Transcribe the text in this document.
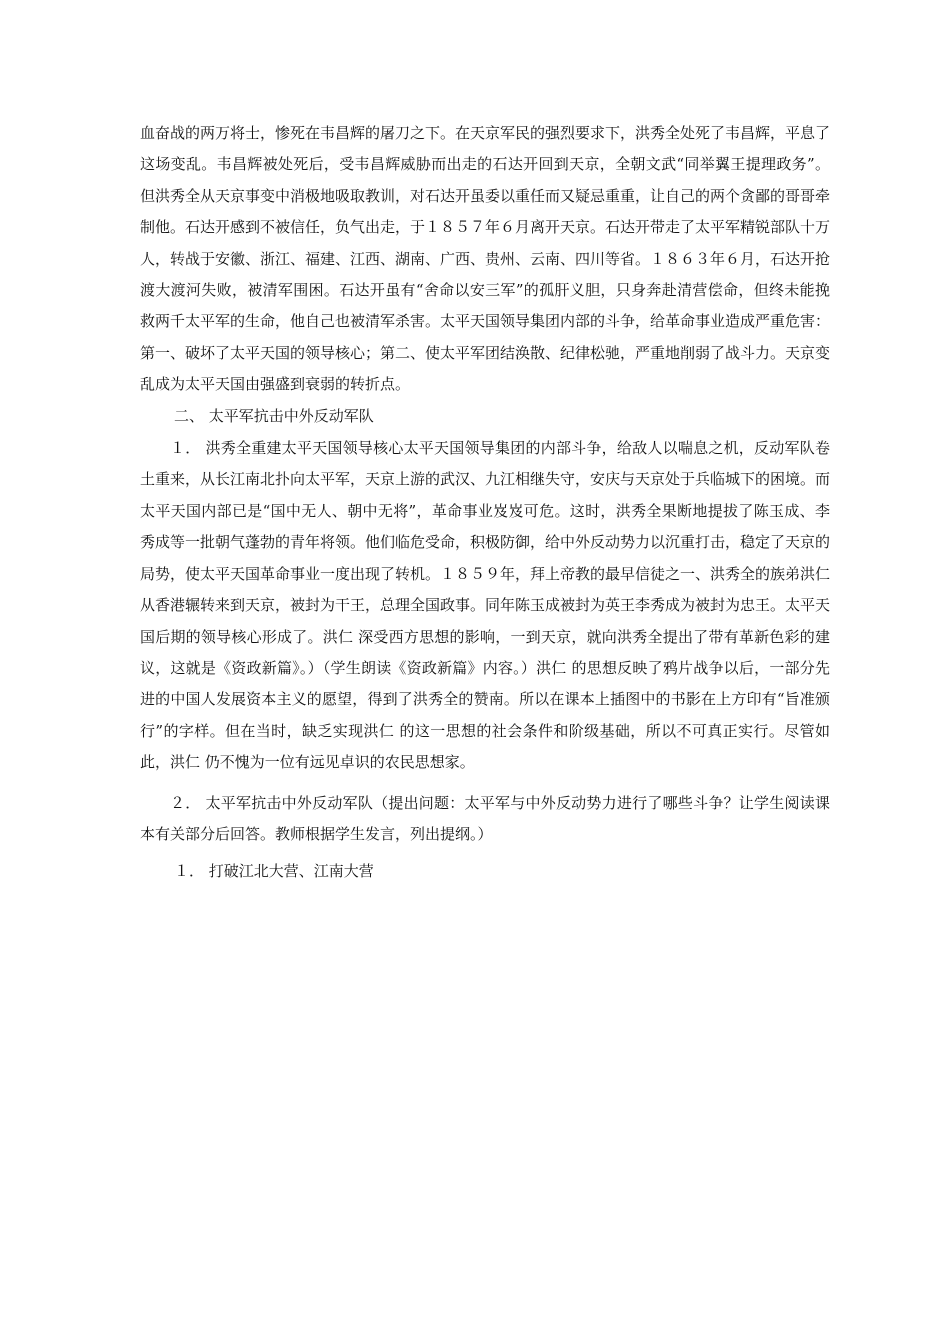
血奋战的两万将士，惨死在韦昌辉的屠刀之下。在天京军民的强烈要求下，洪秀全处死了韦昌辉，平息了这场变乱。韦昌辉被处死后，受韦昌辉威胁而出走的石达开回到天京，全朝文武“同举翼王提理政务”。但洪秀全从天京事变中消极地吸取教训，对石达开虽委以重任而又疑忌重重，让自己的两个贪鄙的哥哥牵制他。石达开感到不被信任，负气出走，于１８５７年６月离开天京。石达开带走了太平军精锐部队十万人，转战于安徽、浙江、福建、江西、湖南、广西、贵州、云南、四川等省。１８６３年６月，石达开抢渡大渡河失败，被清军围困。石达开虽有“舍命以安三军”的孤肝义胆，只身奔赴清营偿命，但终未能挽救两千太平军的生命，他自己也被清军杀害。太平天国领导集团内部的斗争，给革命事业造成严重危害：第一、破坏了太平天国的领导核心；第二、使太平军团结涣散、纪律松驰，严重地削弱了战斗力。天京变乱成为太平天国由强盛到衰弱的转折点。

二、 太平军抗击中外反动军队

１． 洪秀全重建太平天国领导核心太平天国领导集团的内部斗争，给敌人以喘息之机，反动军队卷土重来，从长江南北扑向太平军，天京上游的武汉、九江相继失守，安庆与天京处于兵临城下的困境。而太平天国内部已是“国中无人、朝中无将”，革命事业岌岌可危。这时，洪秀全果断地提拔了陈玉成、李秀成等一批朝气蓬勃的青年将领。他们临危受命，积极防御，给中外反动势力以沉重打击，稳定了天京的局势，使太平天国革命事业一度出现了转机。１８５９年，拜上帝教的最早信徒之一、洪秀全的族弟洪仁 从香港辗转来到天京，被封为干王，总理全国政事。同年陈玉成被封为英王李秀成为被封为忠王。太平天国后期的领导核心形成了。洪仁 深受西方思想的影响，一到天京，就向洪秀全提出了带有革新色彩的建议，这就是《资政新篇》。）（学生朗读《资政新篇》内容。）洪仁 的思想反映了鸦片战争以后，一部分先进的中国人发展资本主义的愿望，得到了洪秀全的赞南。所以在课本上插图中的书影在上方印有“旨准颁行”的字样。但在当时，缺乏实现洪仁 的这一思想的社会条件和阶级基础，所以不可真正实行。尽管如此，洪仁 仍不愧为一位有远见卓识的农民思想家。

２． 太平军抗击中外反动军队（提出问题：太平军与中外反动势力进行了哪些斗争？让学生阅读课本有关部分后回答。教师根据学生发言，列出提纲。）

１． 打破江北大营、江南大营
